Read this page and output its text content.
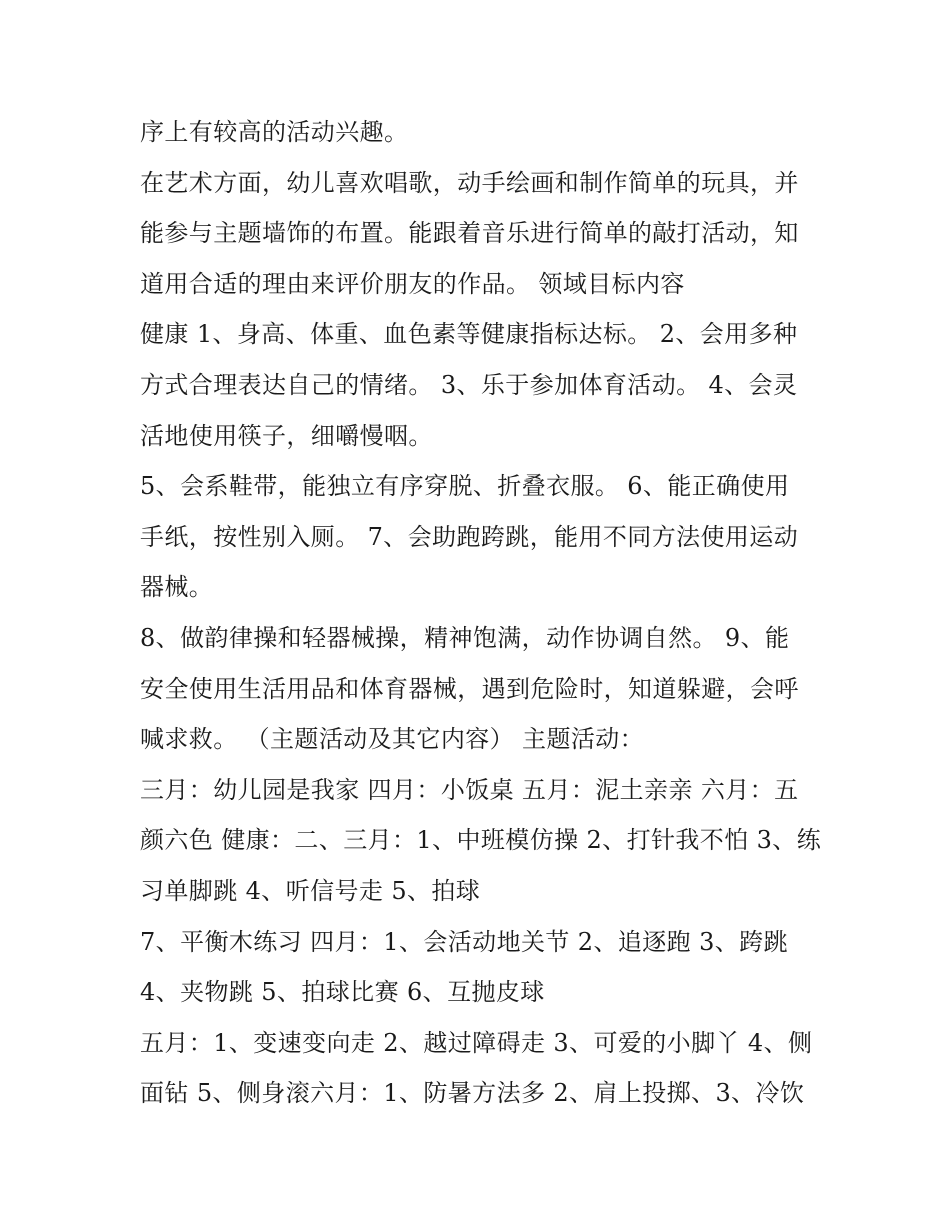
序上有较高的活动兴趣。
在艺术方面，幼儿喜欢唱歌，动手绘画和制作简单的玩具，并
能参与主题墙饰的布置。能跟着音乐进行简单的敲打活动，知
道用合适的理由来评价朋友的作品。 领域目标内容
健康 1、身高、体重、血色素等健康指标达标。 2、会用多种
方式合理表达自己的情绪。 3、乐于参加体育活动。 4、会灵
活地使用筷子，细嚼慢咽。
5、会系鞋带，能独立有序穿脱、折叠衣服。 6、能正确使用
手纸，按性别入厕。 7、会助跑跨跳，能用不同方法使用运动
器械。
8、做韵律操和轻器械操，精神饱满，动作协调自然。 9、能
安全使用生活用品和体育器械，遇到危险时，知道躲避，会呼
喊求救。 （主题活动及其它内容） 主题活动：
三月：幼儿园是我家 四月：小饭桌 五月：泥土亲亲 六月：五
颜六色 健康：二、三月：1、中班模仿操 2、打针我不怕 3、练
习单脚跳 4、听信号走 5、拍球
7、平衡木练习 四月：1、会活动地关节 2、追逐跑 3、跨跳
4、夹物跳 5、拍球比赛 6、互抛皮球
五月：1、变速变向走 2、越过障碍走 3、可爱的小脚丫 4、侧
面钻 5、侧身滚六月：1、防暑方法多 2、肩上投掷、3、冷饮
